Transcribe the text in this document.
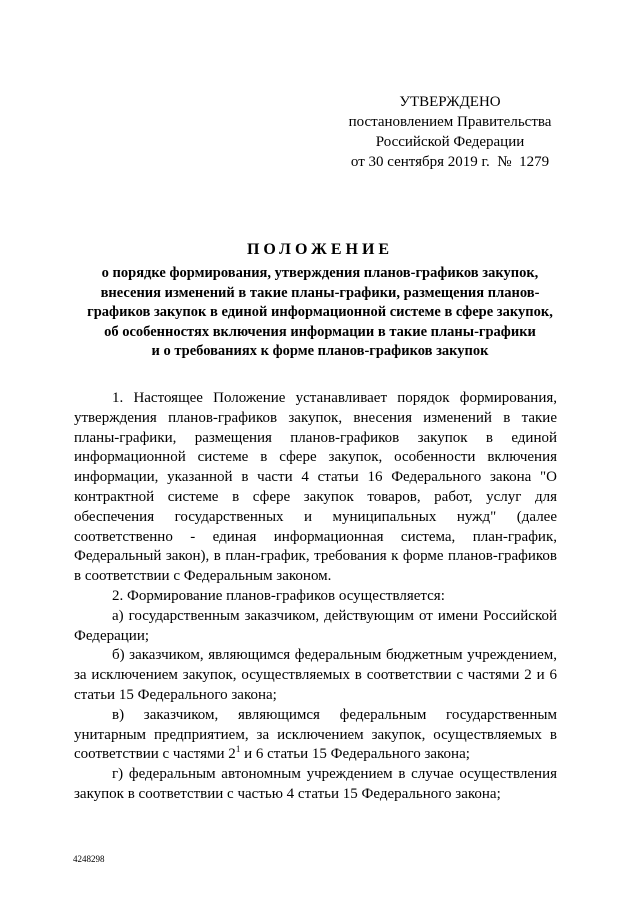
УТВЕРЖДЕНО
постановлением Правительства
Российской Федерации
от 30 сентября 2019 г.  №  1279
ПОЛОЖЕНИЕ
о порядке формирования, утверждения планов-графиков закупок,
внесения изменений в такие планы-графики, размещения планов-
графиков закупок в единой информационной системе в сфере закупок,
об особенностях включения информации в такие планы-графики
и о требованиях к форме планов-графиков закупок

1. Настоящее Положение устанавливает порядок формирования, утверждения планов-графиков закупок, внесения изменений в такие планы-графики, размещения планов-графиков закупок в единой информационной системе в сфере закупок, особенности включения информации, указанной в части 4 статьи 16 Федерального закона "О контрактной системе в сфере закупок товаров, работ, услуг для обеспечения государственных и муниципальных нужд" (далее соответственно - единая информационная система, план-график, Федеральный закон), в план-график, требования к форме планов-графиков в соответствии с Федеральным законом.

2. Формирование планов-графиков осуществляется:

а) государственным заказчиком, действующим от имени Российской Федерации;

б) заказчиком, являющимся федеральным бюджетным учреждением, за исключением закупок, осуществляемых в соответствии с частями 2 и 6 статьи 15 Федерального закона;

в) заказчиком, являющимся федеральным государственным унитарным предприятием, за исключением закупок, осуществляемых в соответствии с частями $2^1$ и 6 статьи 15 Федерального закона;

г) федеральным автономным учреждением в случае осуществления закупок в соответствии с частью 4 статьи 15 Федерального закона;

4248298
